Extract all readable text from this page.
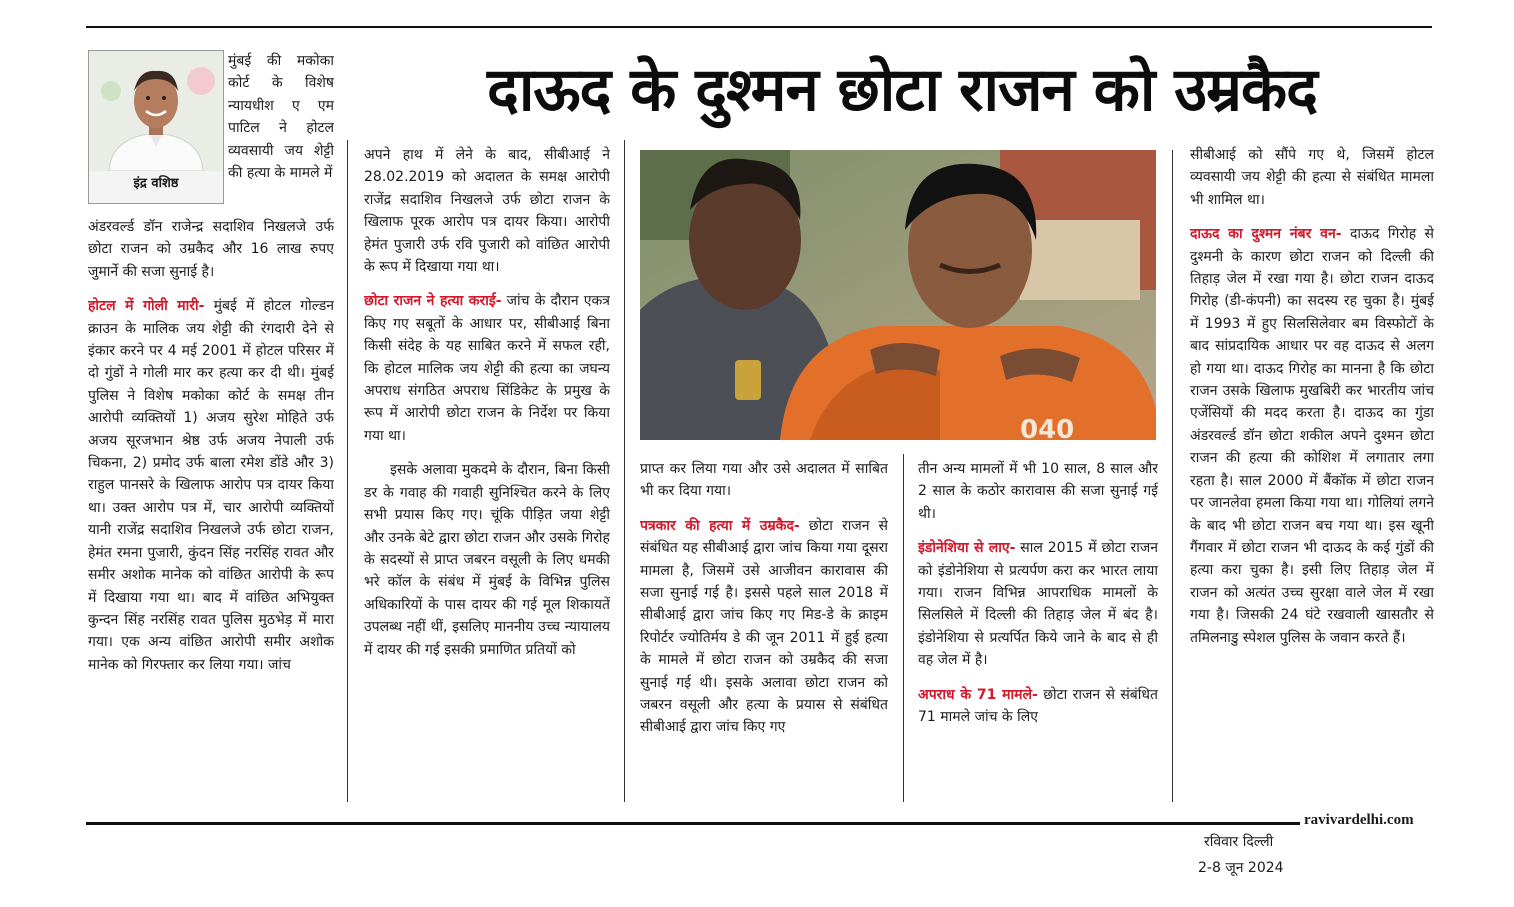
दाऊद के दुश्मन छोटा राजन को उम्रकैद
इंद्र वशिष्ठ
मुंबई की मकोका कोर्ट के विशेष न्यायधीश ए एम पाटिल ने होटल व्यवसायी जय शेट्टी की हत्या के मामले में

अंडरवर्ल्ड डॉन राजेन्द्र सदाशिव निखलजे उर्फ छोटा राजन को उम्रकैद और 16 लाख रुपए जुमार्ने की सजा सुनाई है।

होटल में गोली मारी- मुंबई में होटल गोल्डन क्राउन के मालिक जय शेट्टी की रंगदारी देने से इंकार करने पर 4 मई 2001 में होटल परिसर में दो गुंडों ने गोली मार कर हत्या कर दी थी। मुंबई पुलिस ने विशेष मकोका कोर्ट के समक्ष तीन आरोपी व्यक्तियों 1) अजय सुरेश मोहिते उर्फ अजय सूरजभान श्रेष्ठ उर्फ अजय नेपाली उर्फ चिकना, 2) प्रमोद उर्फ बाला रमेश डोंडे और 3) राहुल पानसरे के खिलाफ आरोप पत्र दायर किया था। उक्त आरोप पत्र में, चार आरोपी व्यक्तियों यानी राजेंद्र सदाशिव निखलजे उर्फ छोटा राजन, हेमंत रमना पुजारी, कुंदन सिंह नरसिंह रावत और समीर अशोक मानेक को वांछित आरोपी के रूप में दिखाया गया था। बाद में वांछित अभियुक्त कुन्दन सिंह नरसिंह रावत पुलिस मुठभेड़ में मारा गया। एक अन्य वांछित आरोपी समीर अशोक मानेक को गिरफ्तार कर लिया गया। जांच

अपने हाथ में लेने के बाद, सीबीआई ने 28.02.2019 को अदालत के समक्ष आरोपी राजेंद्र सदाशिव निखलजे उर्फ छोटा राजन के खिलाफ पूरक आरोप पत्र दायर किया। आरोपी हेमंत पुजारी उर्फ रवि पुजारी को वांछित आरोपी के रूप में दिखाया गया था।

छोटा राजन ने हत्या कराई- जांच के दौरान एकत्र किए गए सबूतों के आधार पर, सीबीआई बिना किसी संदेह के यह साबित करने में सफल रही, कि होटल मालिक जय शेट्टी की हत्या का जघन्य अपराध संगठित अपराध सिंडिकेट के प्रमुख के रूप में आरोपी छोटा राजन के निर्देश पर किया गया था।

इसके अलावा मुकदमे के दौरान, बिना किसी डर के गवाह की गवाही सुनिश्चित करने के लिए सभी प्रयास किए गए। चूंकि पीड़ित जया शेट्टी और उनके बेटे द्वारा छोटा राजन और उसके गिरोह के सदस्यों से प्राप्त जबरन वसूली के लिए धमकी भरे कॉल के संबंध में मुंबई के विभिन्न पुलिस अधिकारियों के पास दायर की गई मूल शिकायतें उपलब्ध नहीं थीं, इसलिए माननीय उच्च न्यायालय में दायर की गई इसकी प्रमाणित प्रतियों को

040

प्राप्त कर लिया गया और उसे अदालत में साबित भी कर दिया गया।

पत्रकार की हत्या में उम्रकैद- छोटा राजन से संबंधित यह सीबीआई द्वारा जांच किया गया दूसरा मामला है, जिसमें उसे आजीवन कारावास की सजा सुनाई गई है। इससे पहले साल 2018 में सीबीआई द्वारा जांच किए गए मिड-डे के क्राइम रिपोर्टर ज्योतिर्मय डे की जून 2011 में हुई हत्या के मामले में छोटा राजन को उम्रकैद की सजा सुनाई गई थी। इसके अलावा छोटा राजन को जबरन वसूली और हत्या के प्रयास से संबंधित सीबीआई द्वारा जांच किए गए

तीन अन्य मामलों में भी 10 साल, 8 साल और 2 साल के कठोर कारावास की सजा सुनाई गई थी।

इंडोनेशिया से लाए- साल 2015 में छोटा राजन को इंडोनेशिया से प्रत्यर्पण करा कर भारत लाया गया। राजन विभिन्न आपराधिक मामलों के सिलसिले में दिल्ली की तिहाड़ जेल में बंद है। इंडोनेशिया से प्रत्यर्पित किये जाने के बाद से ही वह जेल में है।

अपराध के 71 मामले- छोटा राजन से संबंधित 71 मामले जांच के लिए

सीबीआई को सौंपे गए थे, जिसमें होटल व्यवसायी जय शेट्टी की हत्या से संबंधित मामला भी शामिल था।

दाऊद का दुश्मन नंबर वन- दाऊद गिरोह से दुश्मनी के कारण छोटा राजन को दिल्ली की तिहाड़ जेल में रखा गया है। छोटा राजन दाऊद गिरोह (डी-कंपनी) का सदस्य रह चुका है। मुंबई में 1993 में हुए सिलसिलेवार बम विस्फोटों के बाद सांप्रदायिक आधार पर वह दाऊद से अलग हो गया था। दाऊद गिरोह का मानना है कि छोटा राजन उसके खिलाफ मुखबिरी कर भारतीय जांच एजेंसियों की मदद करता है। दाऊद का गुंडा अंडरवर्ल्ड डॉन छोटा शकील अपने दुश्मन छोटा राजन की हत्या की कोशिश में लगातार लगा रहता है। साल 2000 में बैंकॉक में छोटा राजन पर जानलेवा हमला किया गया था। गोलियां लगने के बाद भी छोटा राजन बच गया था। इस खूनी गैंगवार में छोटा राजन भी दाऊद के कई गुंडों की हत्या करा चुका है। इसी लिए तिहाड़ जेल में राजन को अत्यंत उच्च सुरक्षा वाले जेल में रखा गया है। जिसकी 24 घंटे रखवाली खासतौर से तमिलनाडु स्पेशल पुलिस के जवान करते हैं।

ravivardelhi.com
रविवार दिल्ली
2-8 जून 2024
